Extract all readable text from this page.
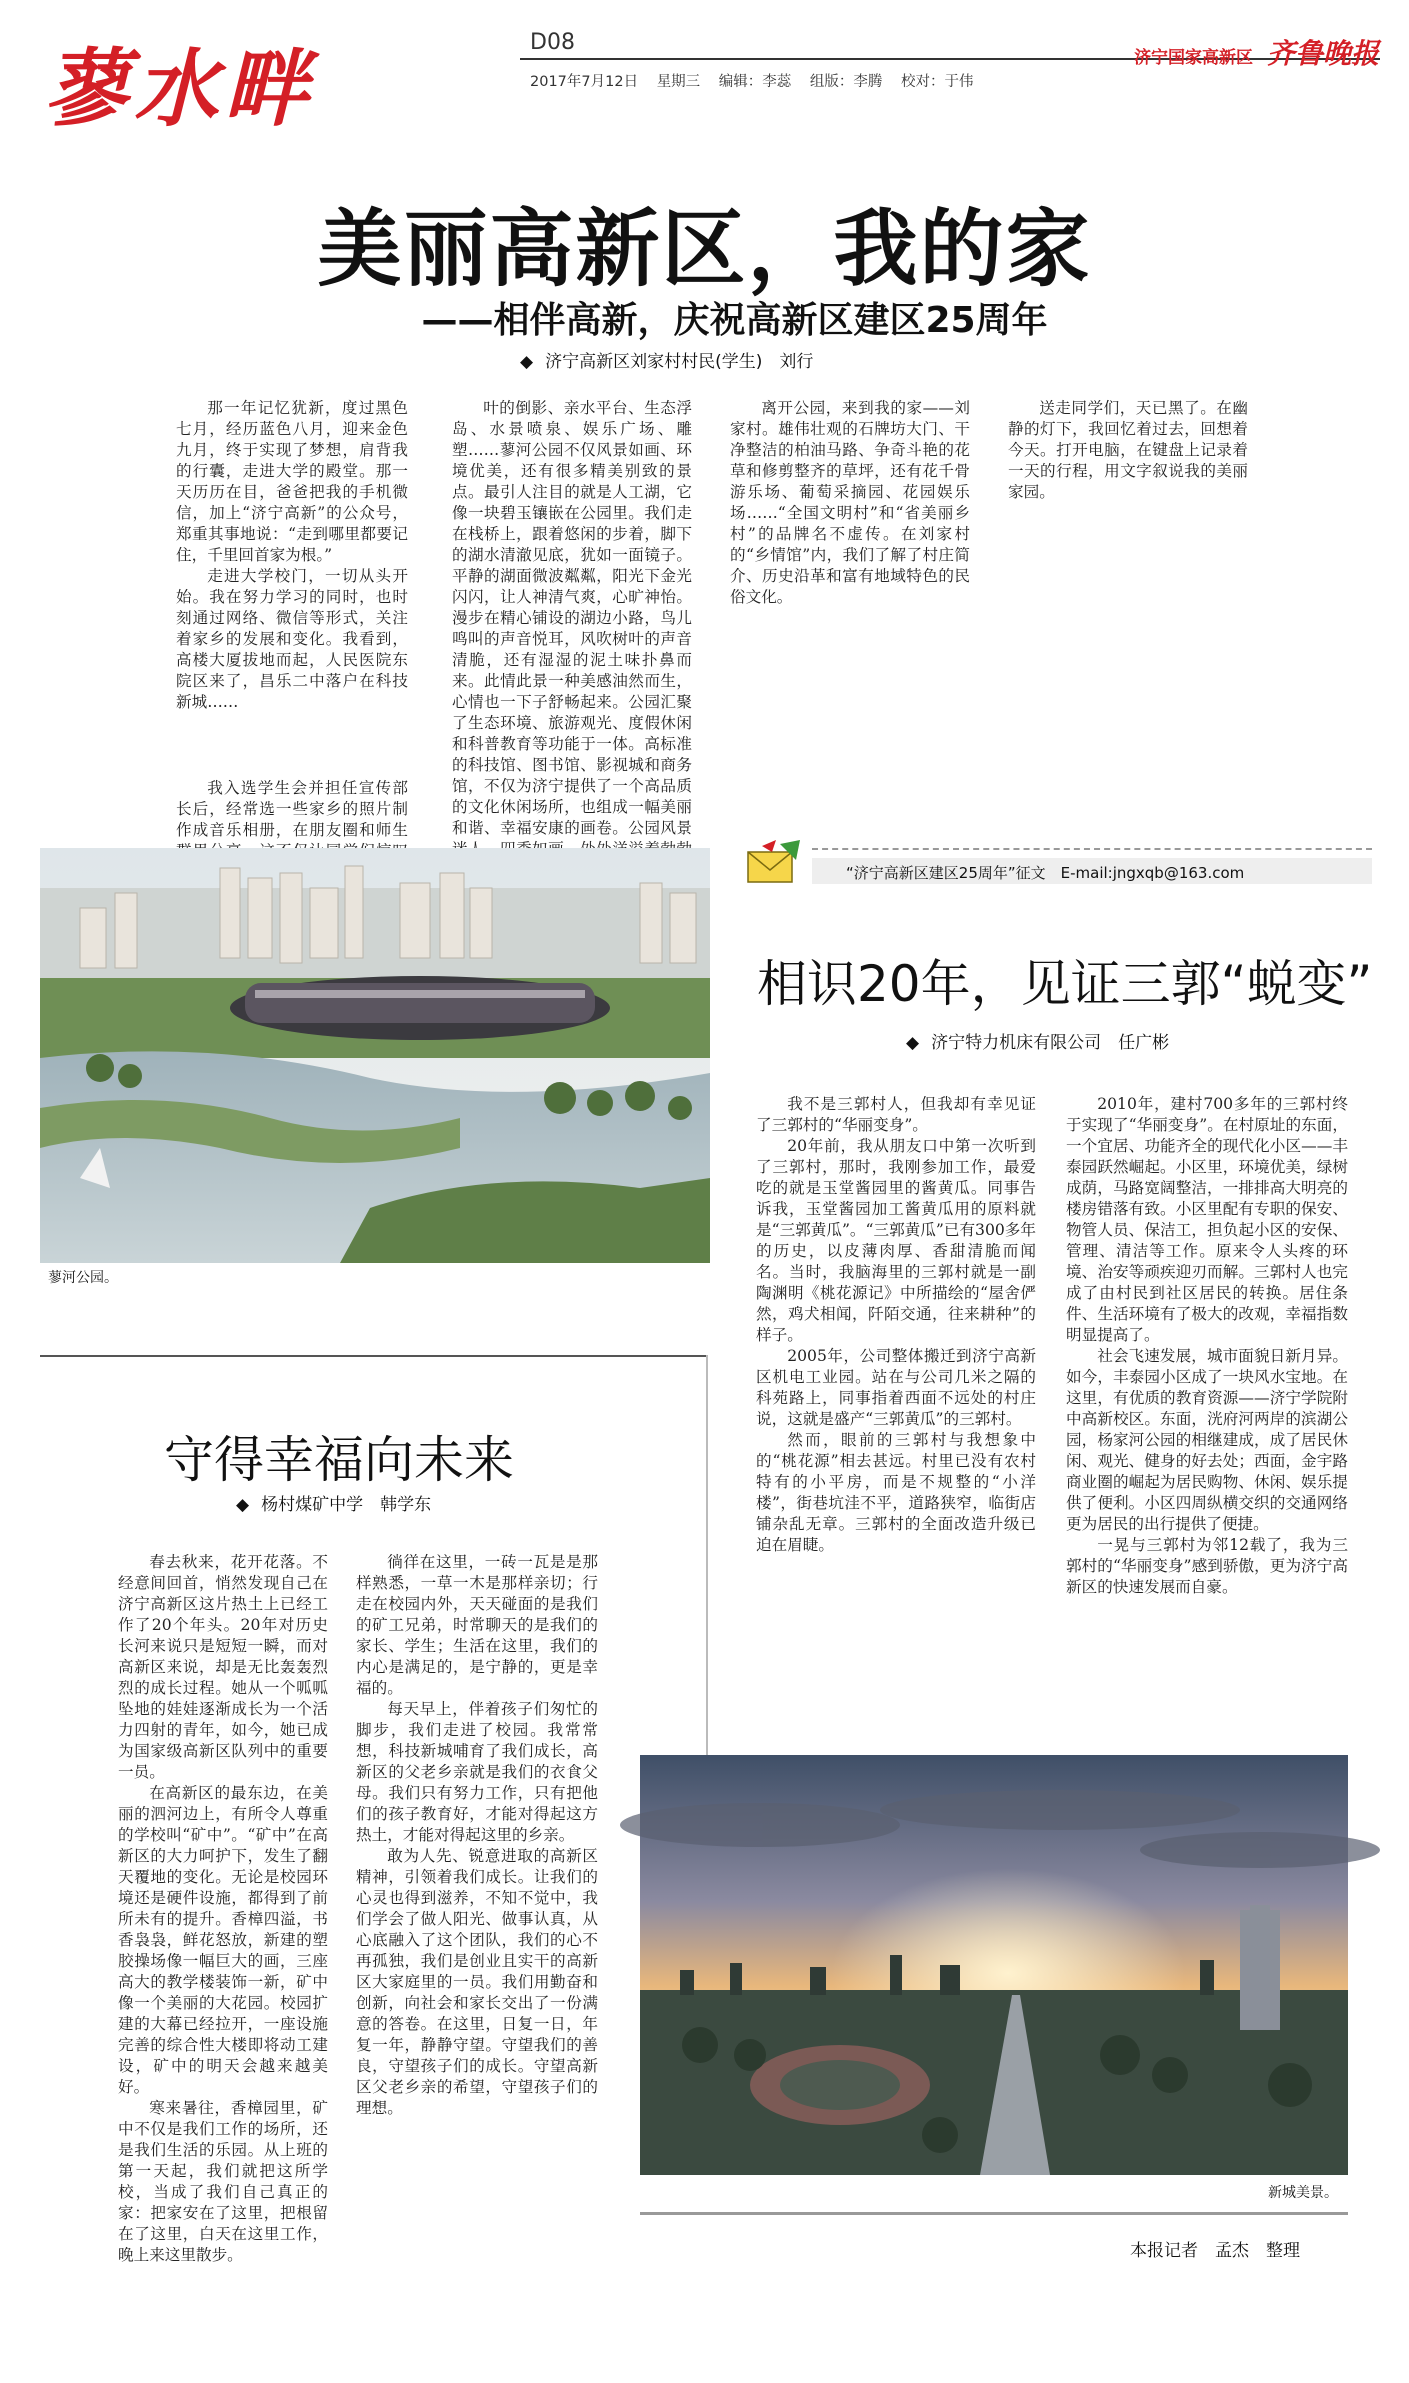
蓼水畔	D08
2017年7月12日 星期三 编辑：李蕊 组版：李腾 校对：于伟
济宁国家高新区 齐鲁晚报
美丽高新区，我的家
——相伴高新，庆祝高新区建区25周年
◆ 济宁高新区刘家村村民(学生)　刘行

那一年记忆犹新，度过黑色七月，经历蓝色八月，迎来金色九月，终于实现了梦想，肩背我的行囊，走进大学的殿堂。那一天历历在目，爸爸把我的手机微信，加上“济宁高新”的公众号，郑重其事地说：“走到哪里都要记住，千里回首家为根。”

走进大学校门，一切从头开始。我在努力学习的同时，也时刻通过网络、微信等形式，关注着家乡的发展和变化。我看到，高楼大厦拔地而起，人民医院东院区来了，昌乐二中落户在科技新城……

我入选学生会并担任宣传部长后，经常选一些家乡的照片制作成音乐相册，在朋友圈和师生

叶的倒影、亲水平台、生态浮岛、水景喷泉、娱乐广场、雕塑……蓼河公园不仅风景如画、环境优美，还有很多精美别致的景点。最引人注目的就是人工湖，它像一块碧玉镶嵌在公园里。我们走在栈桥上，跟着悠闲的步着，脚下的湖水清澈见底，犹如一面镜子。平静的湖面微波粼粼，阳光下金光闪闪，让人神清气爽，心旷神怡。漫步在精心铺设的湖边小路，鸟儿鸣叫的声音悦耳，风吹树叶的声音清脆，还有湿湿的泥土味扑鼻而来。此情此景一种美感油然而生，心情也一下子舒畅起来。公园汇聚了生态环境、旅游观光、度假休闲和科普教育等功能于一体。高标准的科技馆、图书馆、影视城和商务馆，不仅为济宁提供了一个高品质的文化休闲场所，也组成一幅美丽和谐、幸福安康的画卷。公园风景

离开公园，来到我的家——刘家村。雄伟壮观的石牌坊大门、干净整洁的柏油马路、争奇斗艳的花草和修剪整齐的草坪，还有花千骨游乐场、葡萄采摘园、花园娱乐场……“全国文明村”和“省美丽乡村”的品牌名不虚传。在刘家村的“乡情馆”内，我们了解了村庄简介、历史沿革和富有地域特色的民俗文化。

送走同学们，天已黑了。在幽静的灯下，我回忆着过去，回想着今天。打开电脑，在键盘上记录着一天的行程，用文字叙说我的美丽家园。

蓼河公园。
“济宁高新区建区25周年”征文　E-mail:jngxqb@163.com
相识20年，见证三郭“蜕变”
◆ 济宁特力机床有限公司　任广彬

我不是三郭村人，但我却有幸见证了三郭村的“华丽变身”。

20年前，我从朋友口中第一次听到了三郭村，那时，我刚参加工作，最爱吃的就是玉堂酱园里的酱黄瓜。同事告诉我，玉堂酱园加工酱黄瓜用的原料就是“三郭黄瓜”。“三郭黄瓜”已有300多年的历史，以皮薄肉厚、香甜清脆而闻名。当时，我脑海里的三郭村就是一副陶渊明《桃花源记》中所描绘的“屋舍俨然，鸡犬相闻，阡陌交通，往来耕种”的样子。

2005年，公司整体搬迁到济宁高新区机电工业园。站在与公司几米之隔的科苑路上，同事指着西面不远处的村庄说，这就是盛产“三郭黄瓜”的三郭村。

然而，眼前的三郭村与我想象中的“桃花源”相去甚远。村里已没有农村特有的小平房，而是不规整的“小洋楼”，街巷坑洼不平，道路狭窄，临街店铺杂乱无章。三郭村的全面改造升级已迫在眉睫。

2010年，建村700多年的三郭村终于实现了“华丽变身”。在村原址的东面，一个宜居、功能齐全的现代化小区——丰泰园跃然崛起。小区里，环境优美，绿树成荫，马路宽阔整洁，一排排高大明亮的楼房错落有致。小区里配有专职的保安、物管人员、保洁工，担负起小区的安保、管理、清洁等工作。原来令人头疼的环境、治安等顽疾迎刃而解。三郭村人也完成了由村民到社区居民的转换。居住条件、生活环境有了极大的改观，幸福指数明显提高了。

社会飞速发展，城市面貌日新月异。如今，丰泰园小区成了一块风水宝地。在这里，有优质的教育资源——济宁学院附中高新校区。东面，洸府河两岸的滨湖公园，杨家河公园的相继建成，成了居民休闲、观光、健身的好去处；西面，金宇路商业圈的崛起为居民购物、休闲、娱乐提供了便利。小区四周纵横交织的交通网络更为居民的出行提供了便捷。

一晃与三郭村为邻12载了，我为三郭村的“华丽变身”感到骄傲，更为济宁高新区的快速发展而自豪。

守得幸福向未来
◆ 杨村煤矿中学　韩学东

春去秋来，花开花落。不经意间回首，悄然发现自己在济宁高新区这片热土上已经工作了20个年头。20年对历史长河来说只是短短一瞬，而对高新区来说，却是无比轰轰烈烈的成长过程。她从一个呱呱坠地的娃娃逐渐成长为一个活力四射的青年，如今，她已成为国家级高新区队列中的重要一员。

在高新区的最东边，在美丽的泗河边上，有所令人尊重的学校叫“矿中”。“矿中”在高新区的大力呵护下，发生了翻天覆地的变化。无论是校园环境还是硬件设施，都得到了前所未有的提升。香樟四溢，书香袅袅，鲜花怒放，新建的塑胶操场像一幅巨大的画，三座高大的教学楼装饰一新，矿中像一个美丽的大花园。校园扩建的大幕已经拉开，一座设施完善的综合性大楼即将动工建设，矿中的明天会越来越美好。

寒来暑往，香樟园里，矿中不仅是我们工作的场所，还是我们生活的乐园。从上班的第一天起，我们就把这所学校，当成了我们自己真正的家：把家安在了这里，把根留在了这里，白天在这里工作，晚上来这里散步。

徜徉在这里，一砖一瓦是是那样熟悉，一草一木是那样亲切；行走在校园内外，天天碰面的是我们的矿工兄弟，时常聊天的是我们的家长、学生；生活在这里，我们的内心是满足的，是宁静的，更是幸福的。

每天早上，伴着孩子们匆忙的脚步，我们走进了校园。我常常想，科技新城哺育了我们成长，高新区的父老乡亲就是我们的衣食父母。我们只有努力工作，只有把他们的孩子教育好，才能对得起这方热土，才能对得起这里的乡亲。

敢为人先、锐意进取的高新区精神，引领着我们成长。让我们的心灵也得到滋养，不知不觉中，我们学会了做人阳光、做事认真，从心底融入了这个团队，我们的心不再孤独，我们是创业且实干的高新区大家庭里的一员。我们用勤奋和创新，向社会和家长交出了一份满意的答卷。在这里，日复一日，年复一年，静静守望。守望我们的善良，守望孩子们的成长。守望高新区父老乡亲的希望，守望孩子们的理想。

新城美景。
本报记者　孟杰　整理
